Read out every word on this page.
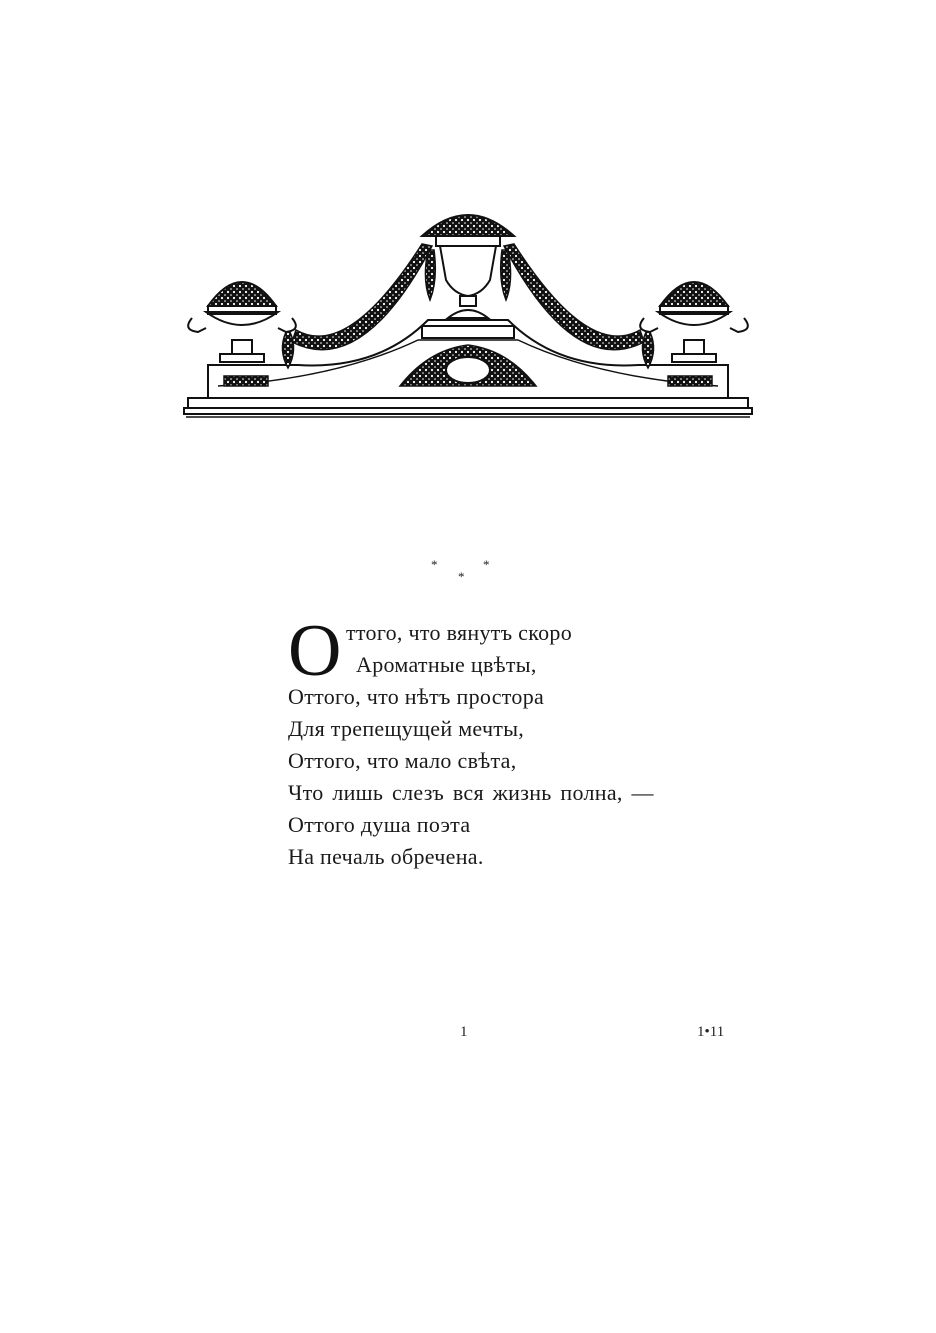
*	*
*
О ттого, что вянутъ скоро
Ароматные цвѣты,
Оттого, что нѣтъ простора
Для трепещущей мечты,
Оттого, что мало свѣта,
Что лишь слезъ вся жизнь полна, —
Оттого душа поэта
На печаль обречена.
1	1•11
